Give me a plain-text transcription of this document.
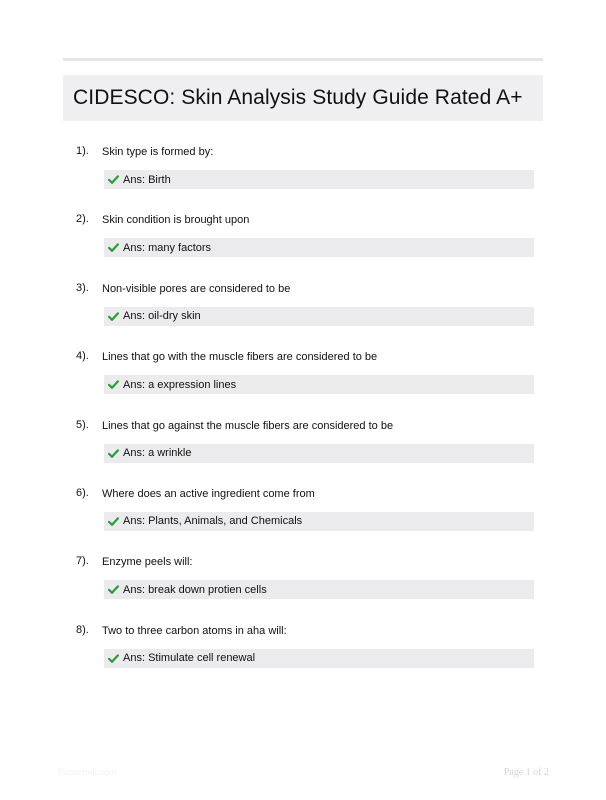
CIDESCO: Skin Analysis Study Guide Rated A+
1). Skin type is formed by:
Ans: Birth
2). Skin condition is brought upon
Ans: many factors
3). Non-visible pores are considered to be
Ans: oil-dry skin
4). Lines that go with the muscle fibers are considered to be
Ans: a expression lines
5). Lines that go against the muscle fibers are considered to be
Ans: a wrinkle
6). Where does an active ingredient come from
Ans: Plants, Animals, and Chemicals
7). Enzyme peels will:
Ans: break down protien cells
8). Two to three carbon atoms in aha will:
Ans: Stimulate cell renewal
Papertrak.com	Page 1 of 2
